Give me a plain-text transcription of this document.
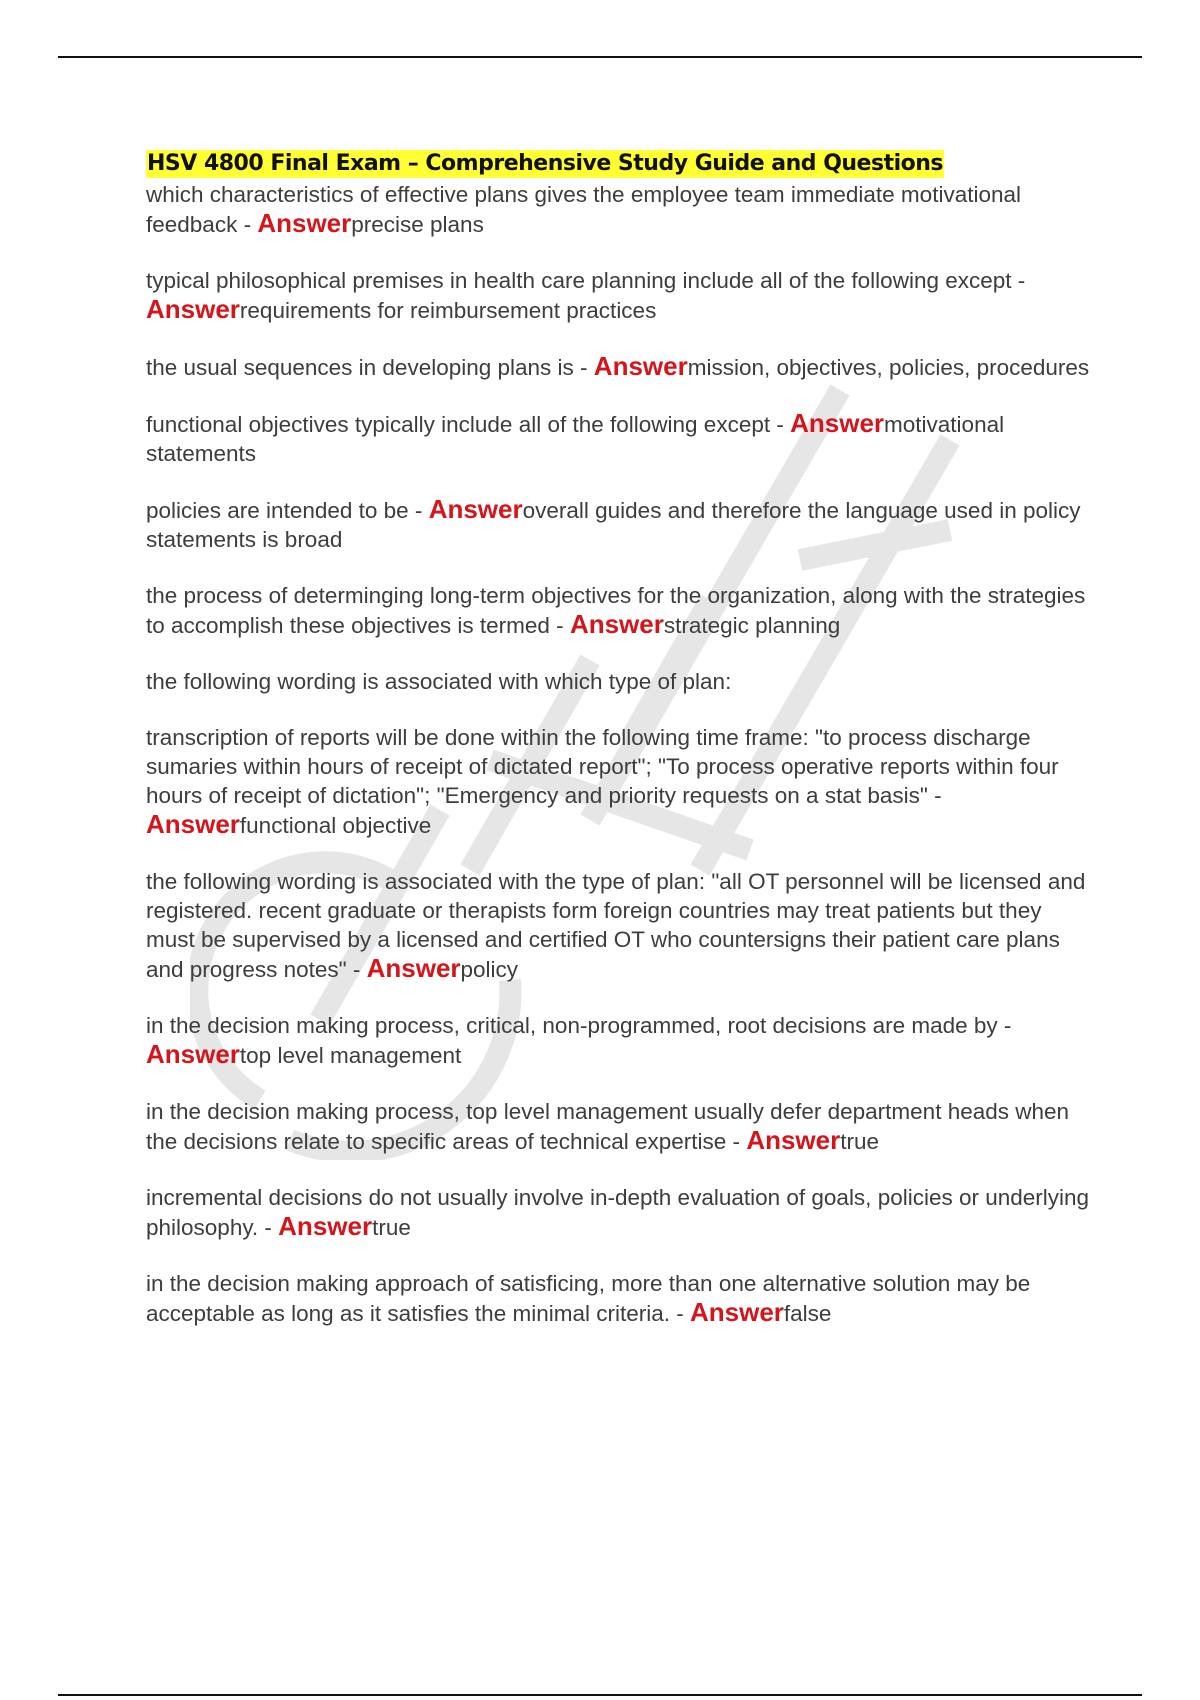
HSV 4800 Final Exam – Comprehensive Study Guide and Questions

which characteristics of effective plans gives the employee team immediate motivational feedback - Answerprecise plans

typical philosophical premises in health care planning include all of the following except - Answerrequirements for reimbursement practices

the usual sequences in developing plans is - Answermission, objectives, policies, procedures

functional objectives typically include all of the following except - Answermotivational statements

policies are intended to be - Answeroverall guides and therefore the language used in policy statements is broad

the process of determinging long-term objectives for the organization, along with the strategies to accomplish these objectives is termed - Answerstrategic planning

the following wording is associated with which type of plan:

transcription of reports will be done within the following time frame: "to process discharge sumaries within hours of receipt of dictated report"; "To process operative reports within four hours of receipt of dictation"; "Emergency and priority requests on a stat basis" - Answerfunctional objective

the following wording is associated with the type of plan: "all OT personnel will be licensed and registered. recent graduate or therapists form foreign countries may treat patients but they must be supervised by a licensed and certified OT who countersigns their patient care plans and progress notes" - Answerpolicy

in the decision making process, critical, non-programmed, root decisions are made by - Answertop level management

in the decision making process, top level management usually defer department heads when the decisions relate to specific areas of technical expertise - Answertrue

incremental decisions do not usually involve in-depth evaluation of goals, policies or underlying philosophy. - Answertrue

in the decision making approach of satisficing, more than one alternative solution may be acceptable as long as it satisfies the minimal criteria. - Answerfalse
